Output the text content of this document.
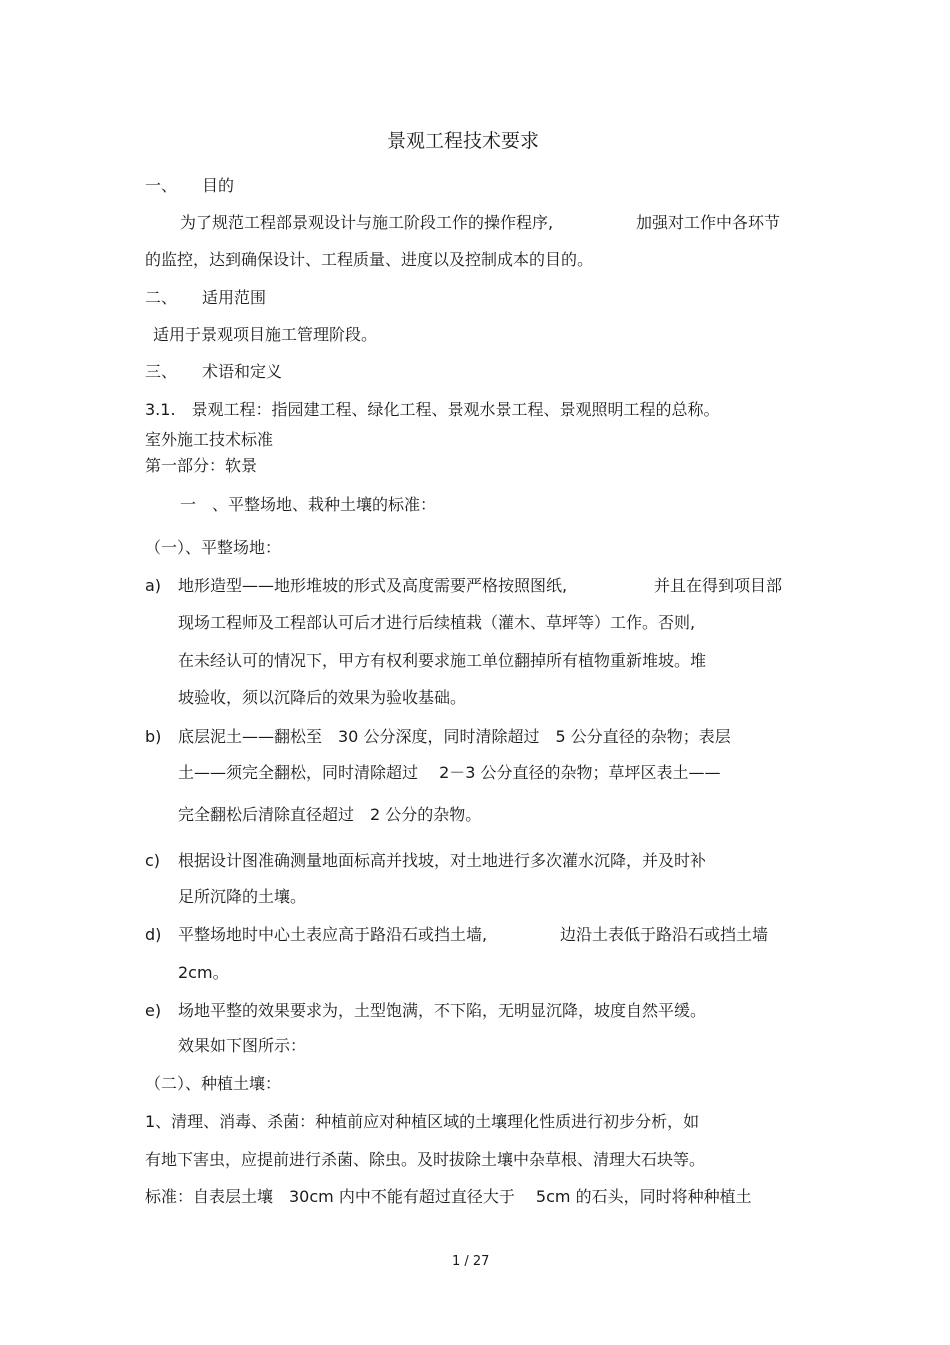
景观工程技术要求
一、 目的
为了规范工程部景观设计与施工阶段工作的操作程序,	加强对工作中各环节
的监控，达到确保设计、工程质量、进度以及控制成本的目的。
二、 适用范围
适用于景观项目施工管理阶段。
三、 术语和定义
3.1.　景观工程：指园建工程、绿化工程、景观水景工程、景观照明工程的总称。
室外施工技术标准
第一部分：软景
一　、平整场地、栽种土壤的标准：
（一）、平整场地：
a) 地形造型——地形堆坡的形式及高度需要严格按照图纸,	并且在得到项目部
现场工程师及工程部认可后才进行后续植栽（灌木、草坪等）工作。否则,
在未经认可的情况下，甲方有权利要求施工单位翻掉所有植物重新堆坡。堆
坡验收，须以沉降后的效果为验收基础。
b) 底层泥土——翻松至　30 公分深度，同时清除超过　5 公分直径的杂物；表层
土——须完全翻松，同时清除超过　 2－3 公分直径的杂物；草坪区表土——
完全翻松后清除直径超过　2 公分的杂物。
c) 根据设计图准确测量地面标高并找坡，对土地进行多次灌水沉降，并及时补
足所沉降的土壤。
d) 平整场地时中心土表应高于路沿石或挡土墙,	边沿土表低于路沿石或挡土墙
2cm。
e) 场地平整的效果要求为，土型饱满，不下陷，无明显沉降，坡度自然平缓。
效果如下图所示：
（二）、种植土壤：
1、清理、消毒、杀菌：种植前应对种植区域的土壤理化性质进行初步分析，如
有地下害虫，应提前进行杀菌、除虫。及时拔除土壤中杂草根、清理大石块等。
标准：自表层土壤　30cm 内中不能有超过直径大于　 5cm 的石头，同时将种种植土
1 / 27
